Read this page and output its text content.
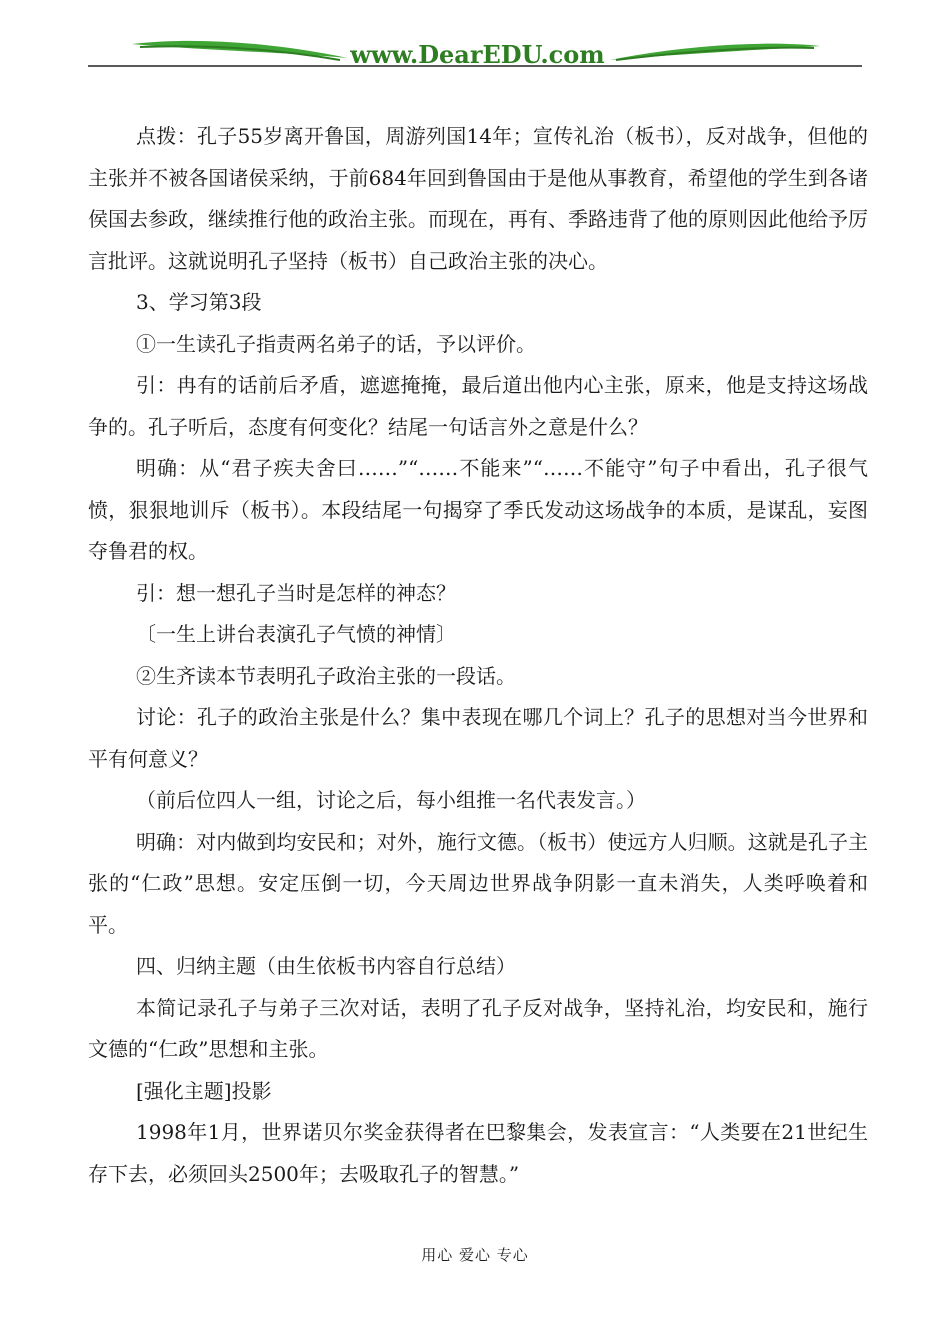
www.DearEDU.com

点拨：孔子55岁离开鲁国，周游列国14年；宣传礼治（板书），反对战争，但他的主张并不被各国诸侯采纳，于前684年回到鲁国由于是他从事教育，希望他的学生到各诸侯国去参政，继续推行他的政治主张。而现在，再有、季路违背了他的原则因此他给予厉言批评。这就说明孔子坚持（板书）自己政治主张的决心。

3、学习第3段

①一生读孔子指责两名弟子的话，予以评价。

引：冉有的话前后矛盾，遮遮掩掩，最后道出他内心主张，原来，他是支持这场战争的。孔子听后，态度有何变化？结尾一句话言外之意是什么？

明确：从“君子疾夫舍曰……”“……不能来”“……不能守”句子中看出，孔子很气愤，狠狠地训斥（板书）。本段结尾一句揭穿了季氏发动这场战争的本质，是谋乱，妄图夺鲁君的权。

引：想一想孔子当时是怎样的神态？

〔一生上讲台表演孔子气愤的神情〕

②生齐读本节表明孔子政治主张的一段话。

讨论：孔子的政治主张是什么？集中表现在哪几个词上？孔子的思想对当今世界和平有何意义？

（前后位四人一组，讨论之后，每小组推一名代表发言。）

明确：对内做到均安民和；对外，施行文德。（板书）使远方人归顺。这就是孔子主张的“仁政”思想。安定压倒一切，今天周边世界战争阴影一直未消失，人类呼唤着和平。

四、归纳主题（由生依板书内容自行总结）

本简记录孔子与弟子三次对话，表明了孔子反对战争，坚持礼治，均安民和，施行文德的“仁政”思想和主张。

[强化主题]投影

1998年1月，世界诺贝尔奖金获得者在巴黎集会，发表宣言：“人类要在21世纪生存下去，必须回头2500年；去吸取孔子的智慧。”

用心 爱心 专心
